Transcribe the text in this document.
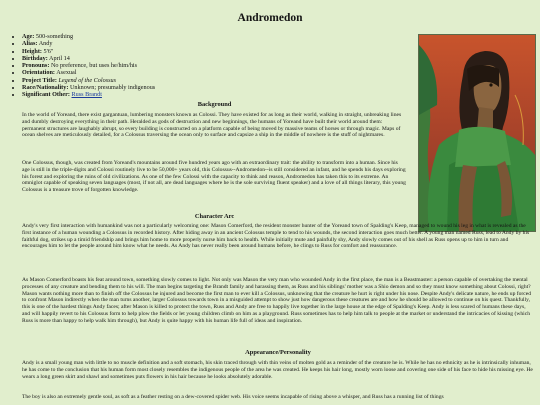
Andromedon
• Age: 500-something
• Alias: Andy
• Height: 5'6"
• Birthday: April 14
• Pronouns: No preference, but uses he/him/his
• Orientation: Asexual
• Project Title: Legend of the Colossus
• Race/Nationality: Unknown; presumably indigenous
• Significant Other: Russ Brandt
Background

In the world of Yoreand, there exist gargantuan, lumbering monsters known as Colossi. They have existed for as long as their world, walking in straight, unbreaking lines and dumbly destroying everything in their path. Heralded as gods of destruction and new beginnings, the humans of Yoreand have built their world around them: permanent structures are laughably abrupt, so every building is constructed on a platform capable of being moved by massive teams of horses or through magic. Maps of ocean shelves are meticulously detailed, for a Colossus traversing the ocean only to surface and capsize a ship in the middle of nowhere is the stuff of nightmares.

One Colossus, though, was created from Yoreand's mountains around five hundred years ago with an extraordinary trait: the ability to transform into a human. Since his age is still in the triple-digits and Colossi routinely live to be 50,000+ years old, this Colossus--Andromedon--is still considered an infant, and he spends his days exploring his forest and exploring the ruins of old civilizations. As one of the few Colossi with the capacity to think and reason, Andromedon has taken this to its extreme. An omniglot capable of speaking seven languages (most, if not all, are dead languages where he is the sole surviving fluent speaker) and a love of all things literary, this young Colossus is a treasure trove of forgotten knowledge.

Character Arc

Andy's very first interaction with humankind was not a particularly welcoming one: Mason Comerford, the resident monster hunter of the Yoreand town of Spalding's Keep, managed to wound his leg in what is revealed as the first instance of a human wounding a Colossus in recorded history. After hiding away in an ancient Colossus temple to tend to his wounds, the second interaction goes much better. A young man named Russ, lead to Andy by his faithful dog, strikes up a timid friendship and brings him home to more properly nurse him back to health. While initially mute and painfully shy, Andy slowly comes out of his shell as Russ opens up to him in turn and encourages him to let the people around him know what he needs. As Andy has never really been around humans before, he clings to Russ for comfort and reassurance.

As Mason Comerford boasts his feat around town, something slowly comes to light. Not only was Mason the very man who wounded Andy in the first place, the man is a Beastmaster: a person capable of overtaking the mental processes of any creature and bending them to his will. The man begins targeting the Brandt family and harassing them, as Russ and his siblings' mother was a Shio demon and so they must know something about Colossi, right? Mason wants nothing more than to finish off the Colossus he injured and become the first man to ever kill a Colossus, unknowing that the creature he hurt is right under his nose. Despite Andy's delicate nature, he ends up forced to confront Mason indirectly when the man turns another, larger Colossus towards town in a misguided attempt to show just how dangerous these creatures are and how he should be allowed to continue on his quest. Thankfully, this is one of the hardest things Andy faces; after Mason is killed to protect the town, Russ and Andy are free to happily live together in the large house at the edge of Spalding's Keep. Andy is less scared of humans these days, and will happily revert to his Colossus form to help plow the fields or let young children climb on him as a playground. Russ sometimes has to help him talk to people at the market or understand the intricacies of kissing (which Russ is more than happy to help walk him through), but Andy is quite happy with his human life full of ideas and inspiration.

Appearance/Personality

Andy is a small young man with little to no muscle definition and a soft stomach, his skin traced through with thin veins of molten gold as a reminder of the creature he is. While he has no ethnicity as he is intrinsically inhuman, he has come to the conclusion that his human form most closely resembles the indigenous people of the area he was created. He keeps his hair long, mostly worn loose and covering one side of his face to hide his missing eye. He wears a long green skirt and shawl and sometimes puts flowers in his hair because he looks absolutely adorable.

The boy is also an extremely gentle soul, as soft as a feather resting on a dew-covered spider web. His voice seems incapable of rising above a whisper, and Russ has a running list of things
